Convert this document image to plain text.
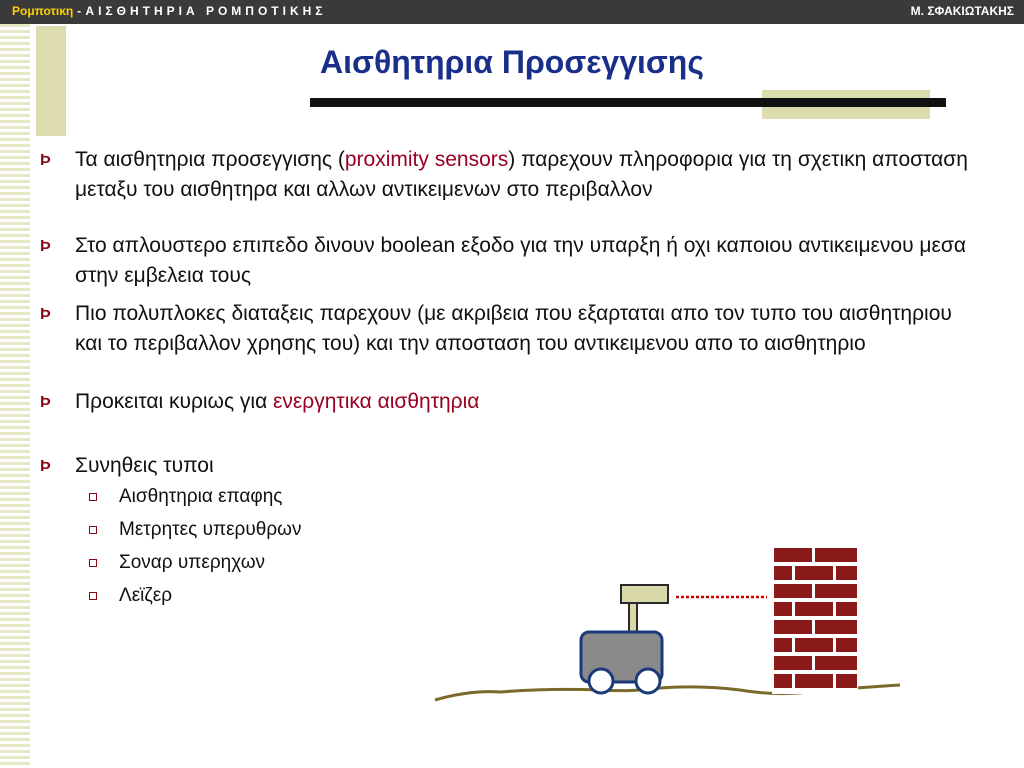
Ρομποτικη - ΑΙΣΘΗΤΗΡΙΑ ΡΟΜΠΟΤΙΚΗΣ	Μ. ΣΦΑΚΙΩΤΑΚΗΣ
Αισθητηρια Προσεγγισης
Þ Τα αισθητηρια προσεγγισης (proximity sensors) παρεχουν πληροφορια για τη σχετικη αποσταση μεταξυ του αισθητηρα και αλλων αντικειμενων στο περιβαλλον
Þ Στο απλουστερο επιπεδο δινουν boolean εξοδο για την υπαρξη ή οχι καποιου αντικειμενου μεσα στην εμβελεια τους
Þ Πιο πολυπλοκες διαταξεις παρεχουν (με ακριβεια που εξαρταται απο τον τυπο του αισθητηριου και το περιβαλλον χρησης του) και την αποσταση του αντικειμενου απο το αισθητηριο
Þ Προκειται κυριως για ενεργητικα αισθητηρια
Þ Συνηθεις τυποι
Αισθητηρια επαφης
Μετρητες υπερυθρων
Σοναρ υπερηχων
Λεϊζερ
